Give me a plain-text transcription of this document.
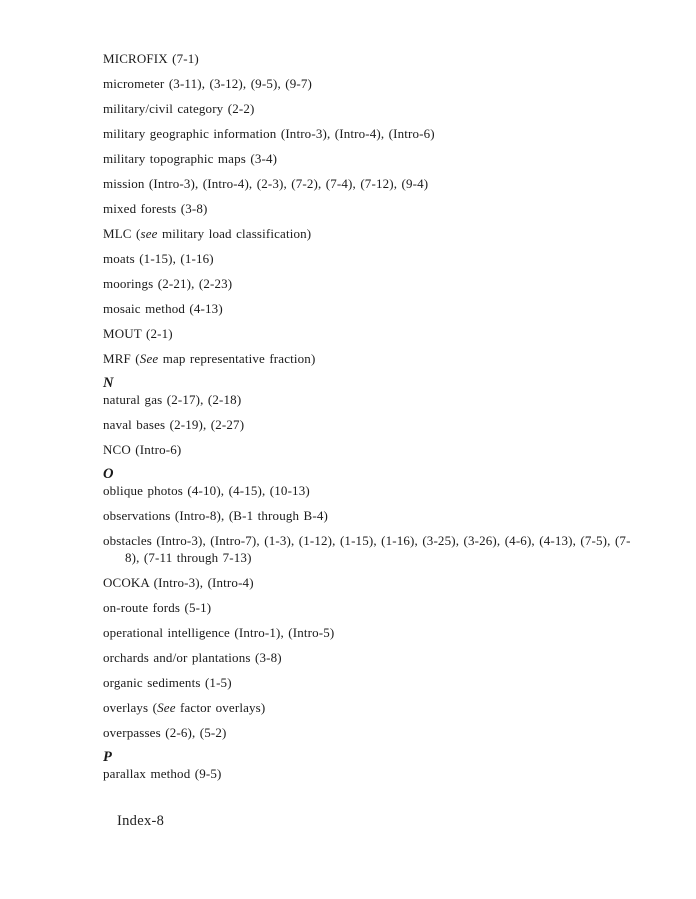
MICROFIX (7-1)
micrometer (3-11), (3-12), (9-5), (9-7)
military/civil category (2-2)
military geographic information (Intro-3), (Intro-4), (Intro-6)
military topographic maps (3-4)
mission (Intro-3), (Intro-4), (2-3), (7-2), (7-4), (7-12), (9-4)
mixed forests (3-8)
MLC (see military load classification)
moats (1-15), (1-16)
moorings (2-21), (2-23)
mosaic method (4-13)
MOUT (2-1)
MRF (See map representative fraction)
N
natural gas (2-17), (2-18)
naval bases (2-19), (2-27)
NCO (Intro-6)
O
oblique photos (4-10), (4-15), (10-13)
observations (Intro-8), (B-1 through B-4)
obstacles (Intro-3), (Intro-7), (1-3), (1-12), (1-15), (1-16), (3-25), (3-26), (4-6), (4-13), (7-5), (7-8), (7-11 through 7-13)
OCOKA (Intro-3), (Intro-4)
on-route fords (5-1)
operational intelligence (Intro-1), (Intro-5)
orchards and/or plantations (3-8)
organic sediments (1-5)
overlays (See factor overlays)
overpasses (2-6), (5-2)
P
parallax method (9-5)
Index-8
